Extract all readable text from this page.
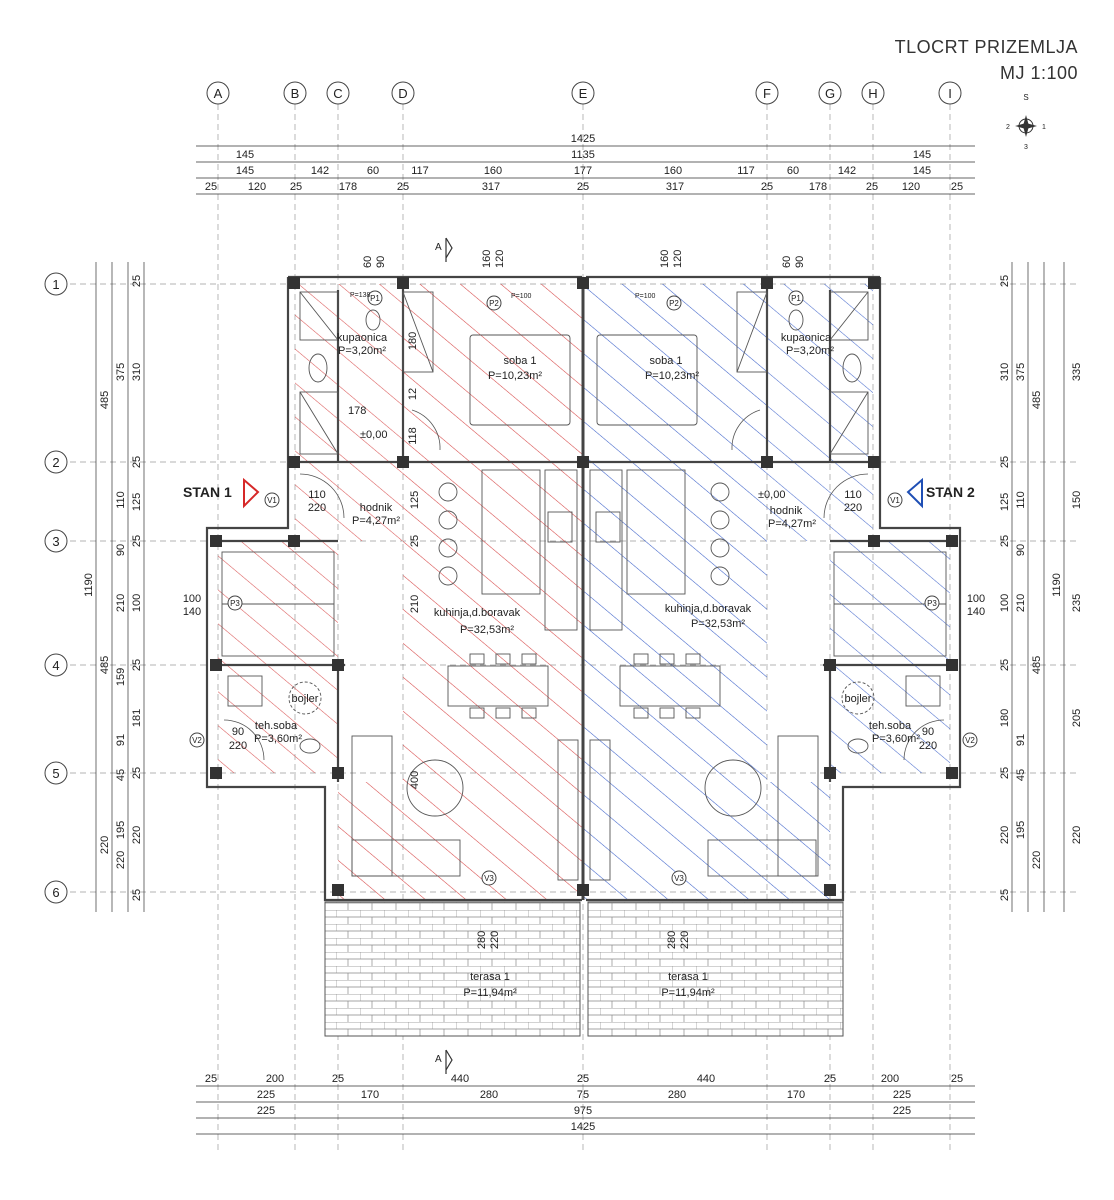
TLOCRT PRIZEMLJA
MJ 1:100
A	B	C	D	E	F	G	H	I
1
2
3
4
5
6
S
1
2
3
1425
145	1135	145
145	142	60	117	160	177	160	117	60	142	145
25	120 25	178	25	317	25	317	25	178	25 120	25
25	200	25	440	25	440	25	200	25
225	170	280	75	280	170	225
225	975	225
1425
1190
485
485
220
375
110
90
210
159
91
45
195
220
25
310
25
125
25
100
25
181
25
220
25
1190
335
150
235
205
220
375
485
110
90
210
485
91
45
195
220
25
310
25
125
25
100
25
180
25
220
25
STAN 1	STAN 2
kupaonica
P=3,20m²
soba 1
P=10,23m²
hodnik
P=4,27m²
kuhinja,d.boravak
P=32,53m²
teh.soba
P=3,60m²
bojler
terasa 1
P=11,94m²
kupaonica
P=3,20m²
soba 1
P=10,23m²
hodnik
P=4,27m²
kuhinja,d.boravak
P=32,53m²
teh.soba
P=3,60m²
bojler
terasa 1
P=11,94m²
V1	V1
V2	V2
V3	V3
P1	P1
P2	P2
P3	P3
P=100	P=100
P=138
110
220
110
220
100
140
100
140
90
220
90
220
160 120	160 120
60 90	60 90
280 220	280 220
178
118
12
180
400
210
125
25
±0,00
±0,00
A
A
